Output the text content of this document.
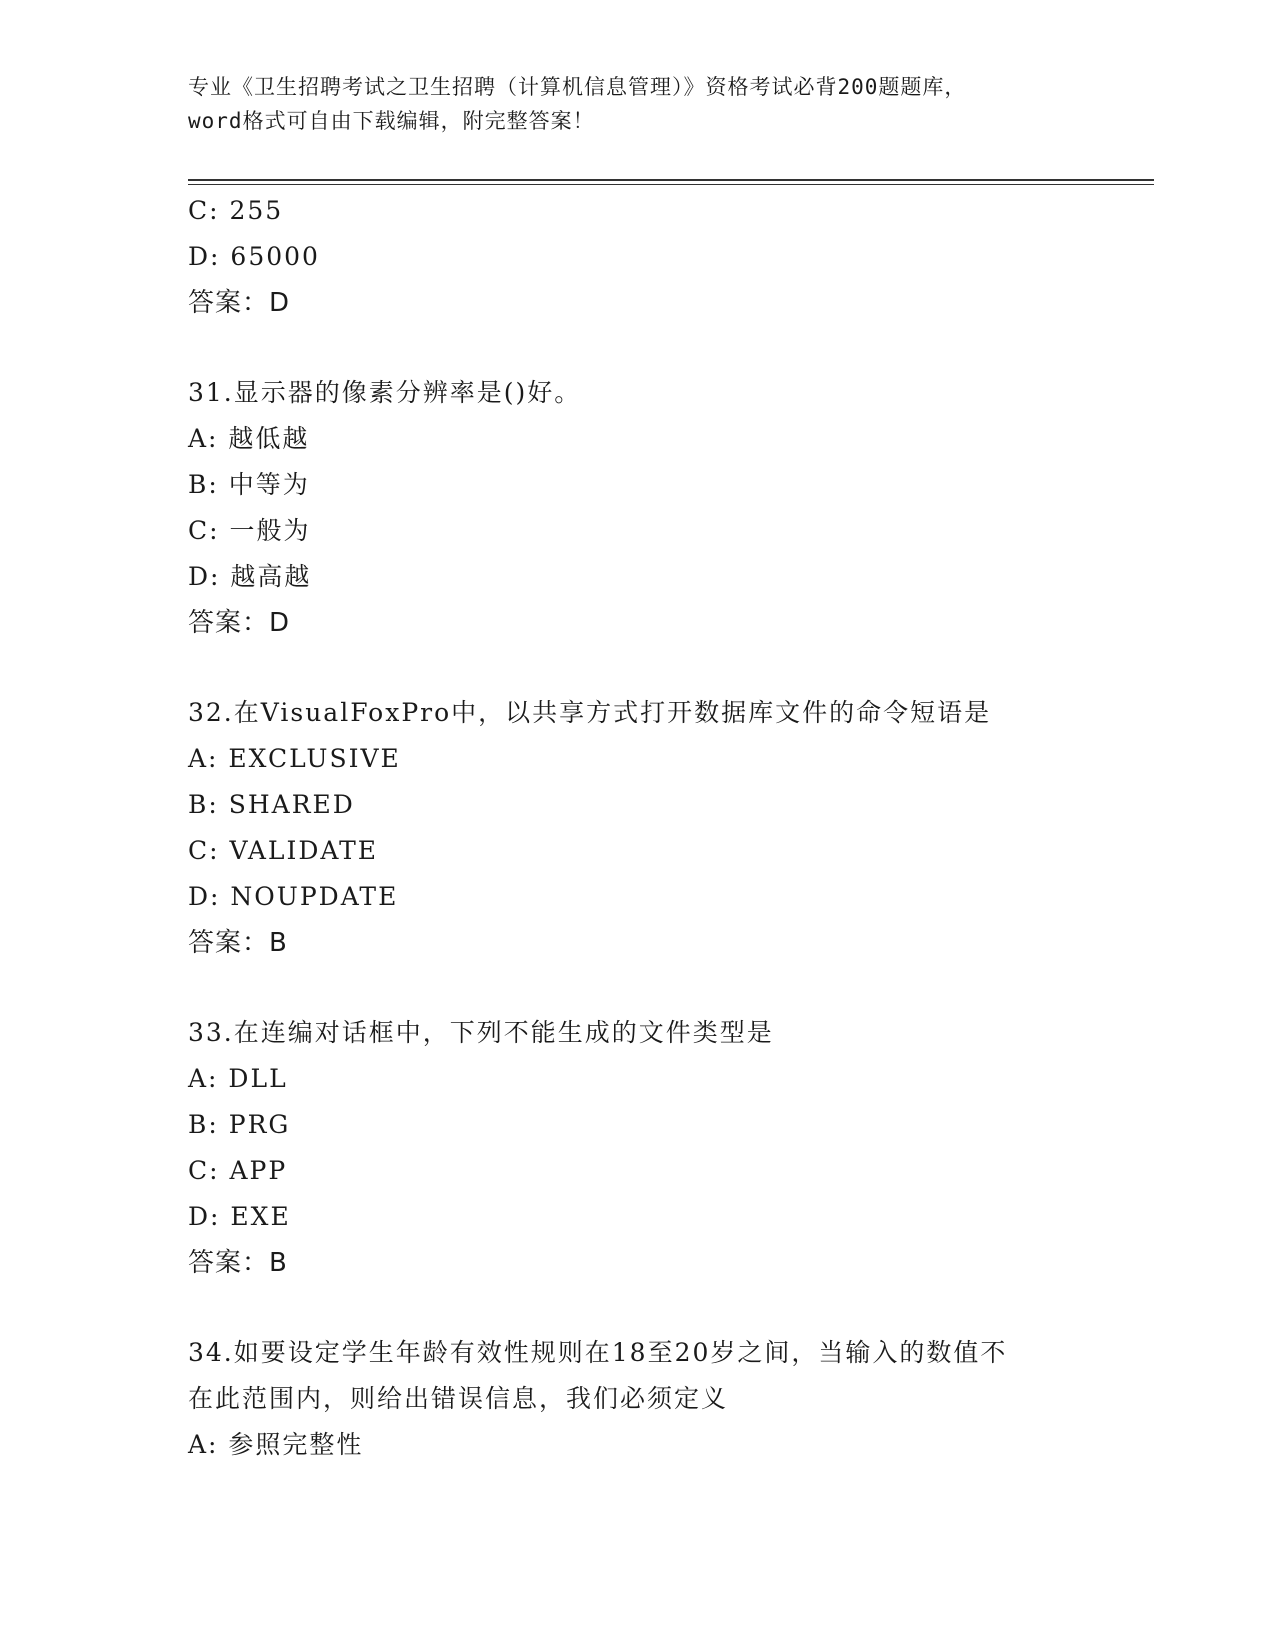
专业《卫生招聘考试之卫生招聘（计算机信息管理）》资格考试必背200题题库，
word格式可自由下载编辑，附完整答案！
C: 255
D: 65000
答案：D
31.显示器的像素分辨率是()好。
A: 越低越
B: 中等为
C: 一般为
D: 越高越
答案：D
32.在VisualFoxPro中，以共享方式打开数据库文件的命令短语是
A: EXCLUSIVE
B: SHARED
C: VALIDATE
D: NOUPDATE
答案：B
33.在连编对话框中，下列不能生成的文件类型是
A: DLL
B: PRG
C: APP
D: EXE
答案：B
34.如要设定学生年龄有效性规则在18至20岁之间，当输入的数值不
在此范围内，则给出错误信息，我们必须定义
A: 参照完整性
